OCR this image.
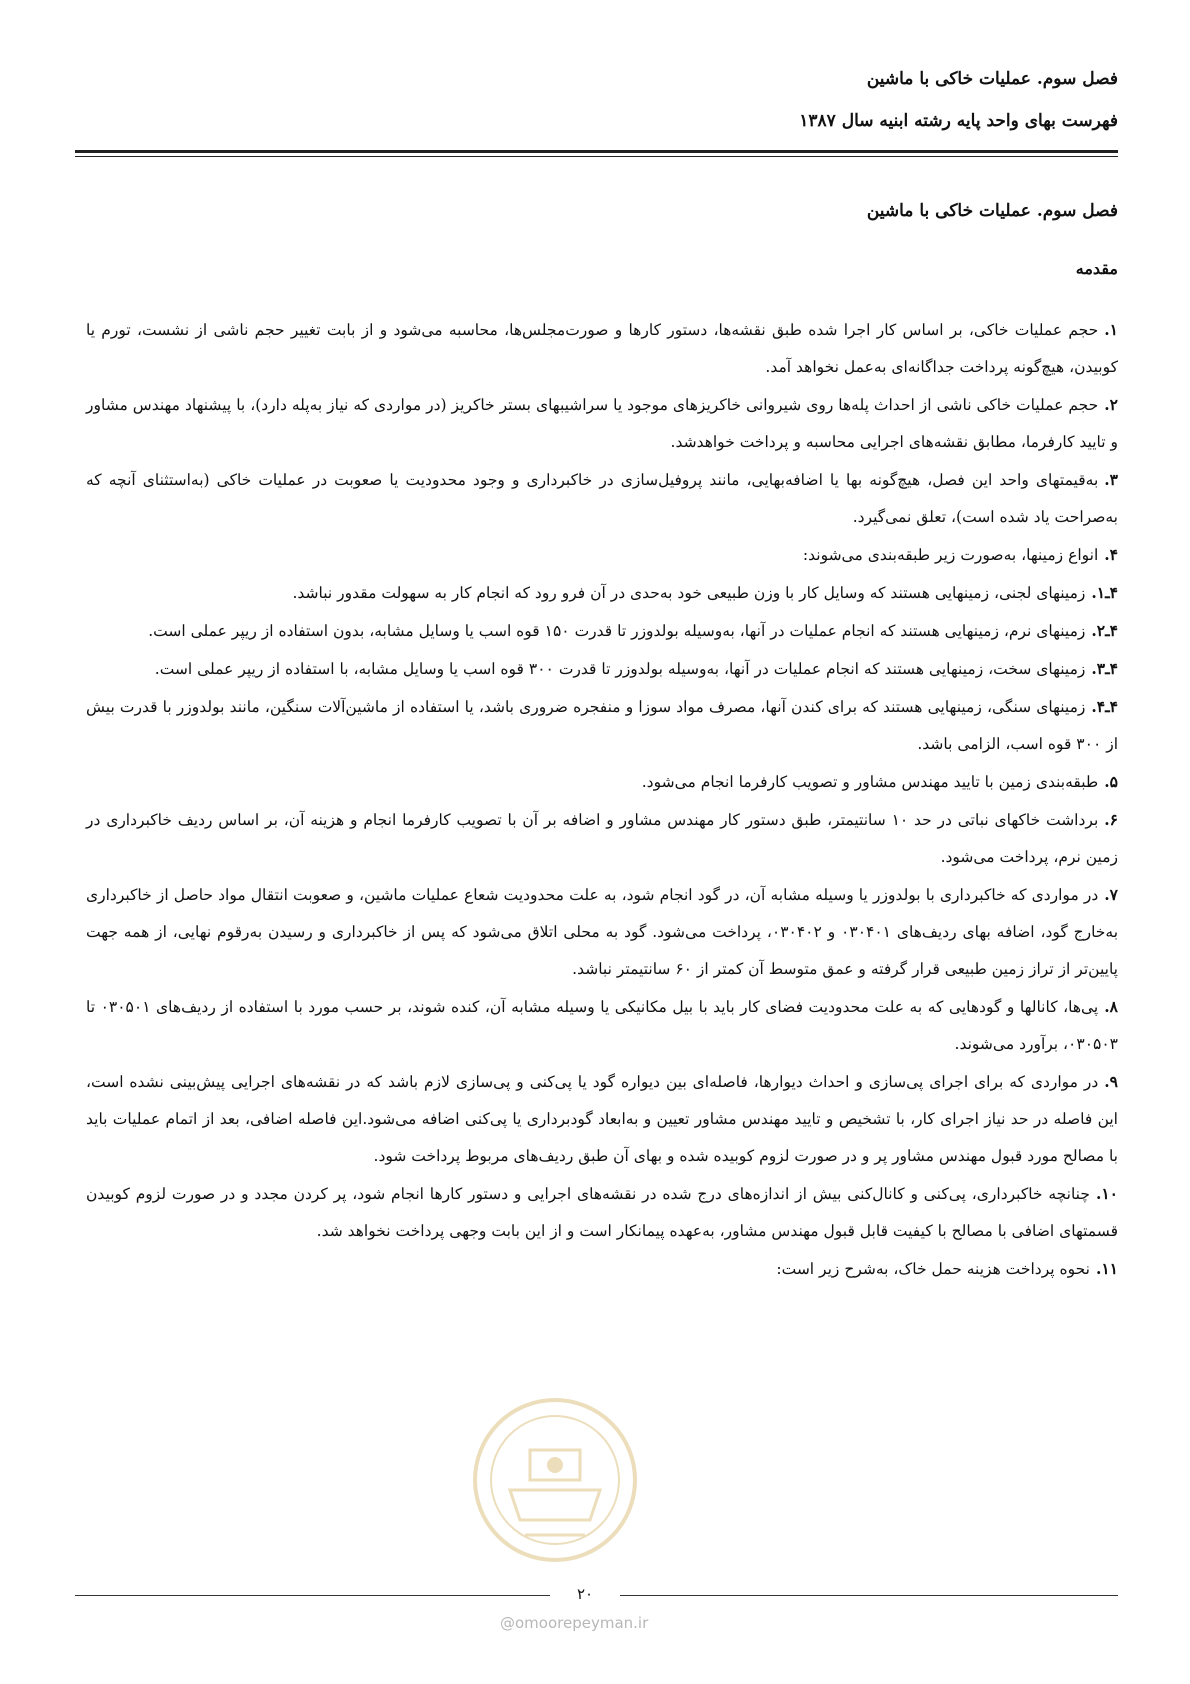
فصل سوم. عملیات خاکی با ماشین
فهرست بهای واحد پایه رشته ابنیه سال ۱۳۸۷

فصل سوم. عملیات خاکی با ماشین

مقدمه

۱.حجم عملیات خاکی، بر اساس کار اجرا شده طبق نقشه‌ها، دستور کارها و صورت‌مجلس‌ها، محاسبه می‌شود و از بابت تغییر حجم ناشی از نشست، تورم یا کوبیدن، هیچ‌گونه پرداخت جداگانه‌ای به‌عمل نخواهد آمد.

۲.حجم عملیات خاکی ناشی از احداث پله‌ها روی شیروانی خاکریزهای موجود یا سراشیبهای بستر خاکریز (در مواردی که نیاز به‌پله دارد)، با پیشنهاد مهندس مشاور و تایید کارفرما، مطابق نقشه‌های اجرایی محاسبه و پرداخت خواهدشد.

۳.به‌قیمتهای واحد این فصل، هیچ‌گونه بها یا اضافه‌بهایی، مانند پروفیل‌سازی در خاکبرداری و وجود محدودیت یا صعوبت در عملیات خاکی (به‌استثنای آنچه که به‌صراحت یاد شده است)، تعلق نمی‌گیرد.

۴.انواع زمینها، به‌صورت زیر طبقه‌بندی می‌شوند:

۴ـ۱.زمینهای لجنی، زمینهایی هستند که وسایل کار با وزن طبیعی خود به‌حدی در آن فرو رود که انجام کار به سهولت مقدور نباشد.

۴ـ۲.زمینهای نرم، زمینهایی هستند که انجام عملیات در آنها، به‌وسیله بولدوزر تا قدرت ۱۵۰ قوه اسب یا وسایل مشابه، بدون استفاده از ریپر عملی است.

۴ـ۳.زمینهای سخت، زمینهایی هستند که انجام عملیات در آنها، به‌وسیله بولدوزر تا قدرت ۳۰۰ قوه اسب یا وسایل مشابه، با استفاده از ریپر عملی است.

۴ـ۴.زمینهای سنگی، زمینهایی هستند که برای کندن آنها، مصرف مواد سوزا و منفجره ضروری باشد، یا استفاده از ماشین‌آلات سنگین، مانند بولدوزر با قدرت بیش از ۳۰۰ قوه اسب، الزامی باشد.

۵.طبقه‌بندی زمین با تایید مهندس مشاور و تصویب کارفرما انجام می‌شود.

۶.برداشت خاکهای نباتی در حد ۱۰ سانتیمتر، طبق دستور کار مهندس مشاور و اضافه بر آن با تصویب کارفرما انجام و هزینه آن، بر اساس ردیف خاکبرداری در زمین نرم، پرداخت می‌شود.

۷.در مواردی که خاکبرداری با بولدوزر یا وسیله مشابه آن، در گود انجام شود، به علت محدودیت شعاع عملیات ماشین، و صعوبت انتقال مواد حاصل از خاکبرداری به‌خارج گود، اضافه بهای ردیف‌های ۰۳۰۴۰۱ و ۰۳۰۴۰۲، پرداخت می‌شود. گود به محلی اتلاق می‌شود که پس از خاکبرداری و رسیدن به‌رقوم نهایی، از همه جهت پایین‌تر از تراز زمین طبیعی قرار گرفته و عمق متوسط آن کمتر از ۶۰ سانتیمتر نباشد.

۸.پی‌ها، کانالها و گودهایی که به علت محدودیت فضای کار باید با بیل مکانیکی یا وسیله مشابه آن، کنده شوند، بر حسب مورد با استفاده از ردیف‌های ۰۳۰۵۰۱ تا ۰۳۰۵۰۳، برآورد می‌شوند.

۹.در مواردی که برای اجرای پی‌سازی و احداث دیوارها، فاصله‌ای بین دیواره گود یا پی‌کنی و پی‌سازی لازم باشد که در نقشه‌های اجرایی پیش‌بینی نشده است، این فاصله در حد نیاز اجرای کار، با تشخیص و تایید مهندس مشاور تعیین و به‌ابعاد گودبرداری یا پی‌کنی اضافه می‌شود.این فاصله اضافی، بعد از اتمام عملیات باید با مصالح مورد قبول مهندس مشاور پر و در صورت لزوم کوبیده شده و بهای آن طبق ردیف‌های مربوط پرداخت شود.

۱۰.چنانچه خاکبرداری، پی‌کنی و کانال‌کنی بیش از اندازه‌های درج شده در نقشه‌های اجرایی و دستور کارها انجام شود، پر کردن مجدد و در صورت لزوم کوبیدن قسمتهای اضافی با مصالح با کیفیت قابل قبول مهندس مشاور، به‌عهده پیمانکار است و از این بابت وجهی پرداخت نخواهد شد.

۱۱.نحوه پرداخت هزینه حمل خاک، به‌شرح زیر است:

۲۰
@omoorepeyman.ir
